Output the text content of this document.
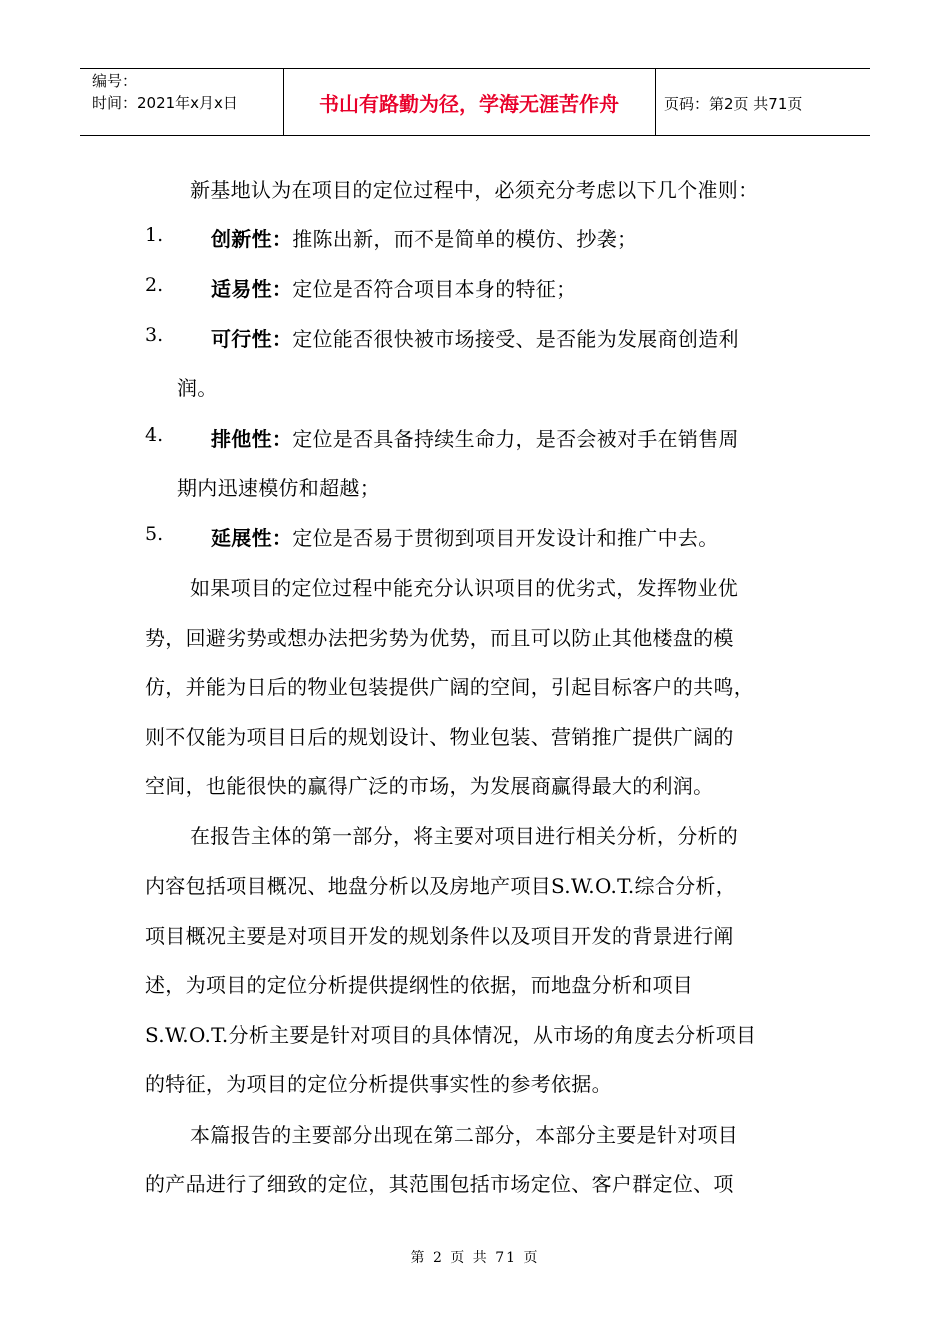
编号：
时间：2021年x月x日	书山有路勤为径，学海无涯苦作舟	页码：第2页 共71页
新基地认为在项目的定位过程中，必须充分考虑以下几个准则：
1. 创新性：推陈出新，而不是简单的模仿、抄袭；
2. 适易性：定位是否符合项目本身的特征；
3. 可行性：定位能否很快被市场接受、是否能为发展商创造利
润。
4. 排他性：定位是否具备持续生命力，是否会被对手在销售周
期内迅速模仿和超越；
5. 延展性：定位是否易于贯彻到项目开发设计和推广中去。
如果项目的定位过程中能充分认识项目的优劣式，发挥物业优
势，回避劣势或想办法把劣势为优势，而且可以防止其他楼盘的模
仿，并能为日后的物业包装提供广阔的空间，引起目标客户的共鸣，
则不仅能为项目日后的规划设计、物业包装、营销推广提供广阔的
空间，也能很快的赢得广泛的市场，为发展商赢得最大的利润。
在报告主体的第一部分，将主要对项目进行相关分析，分析的
内容包括项目概况、地盘分析以及房地产项目S.W.O.T.综合分析，
项目概况主要是对项目开发的规划条件以及项目开发的背景进行阐
述，为项目的定位分析提供提纲性的依据，而地盘分析和项目
S.W.O.T.分析主要是针对项目的具体情况，从市场的角度去分析项目
的特征，为项目的定位分析提供事实性的参考依据。
本篇报告的主要部分出现在第二部分，本部分主要是针对项目
的产品进行了细致的定位，其范围包括市场定位、客户群定位、项
第 2 页 共 71 页
